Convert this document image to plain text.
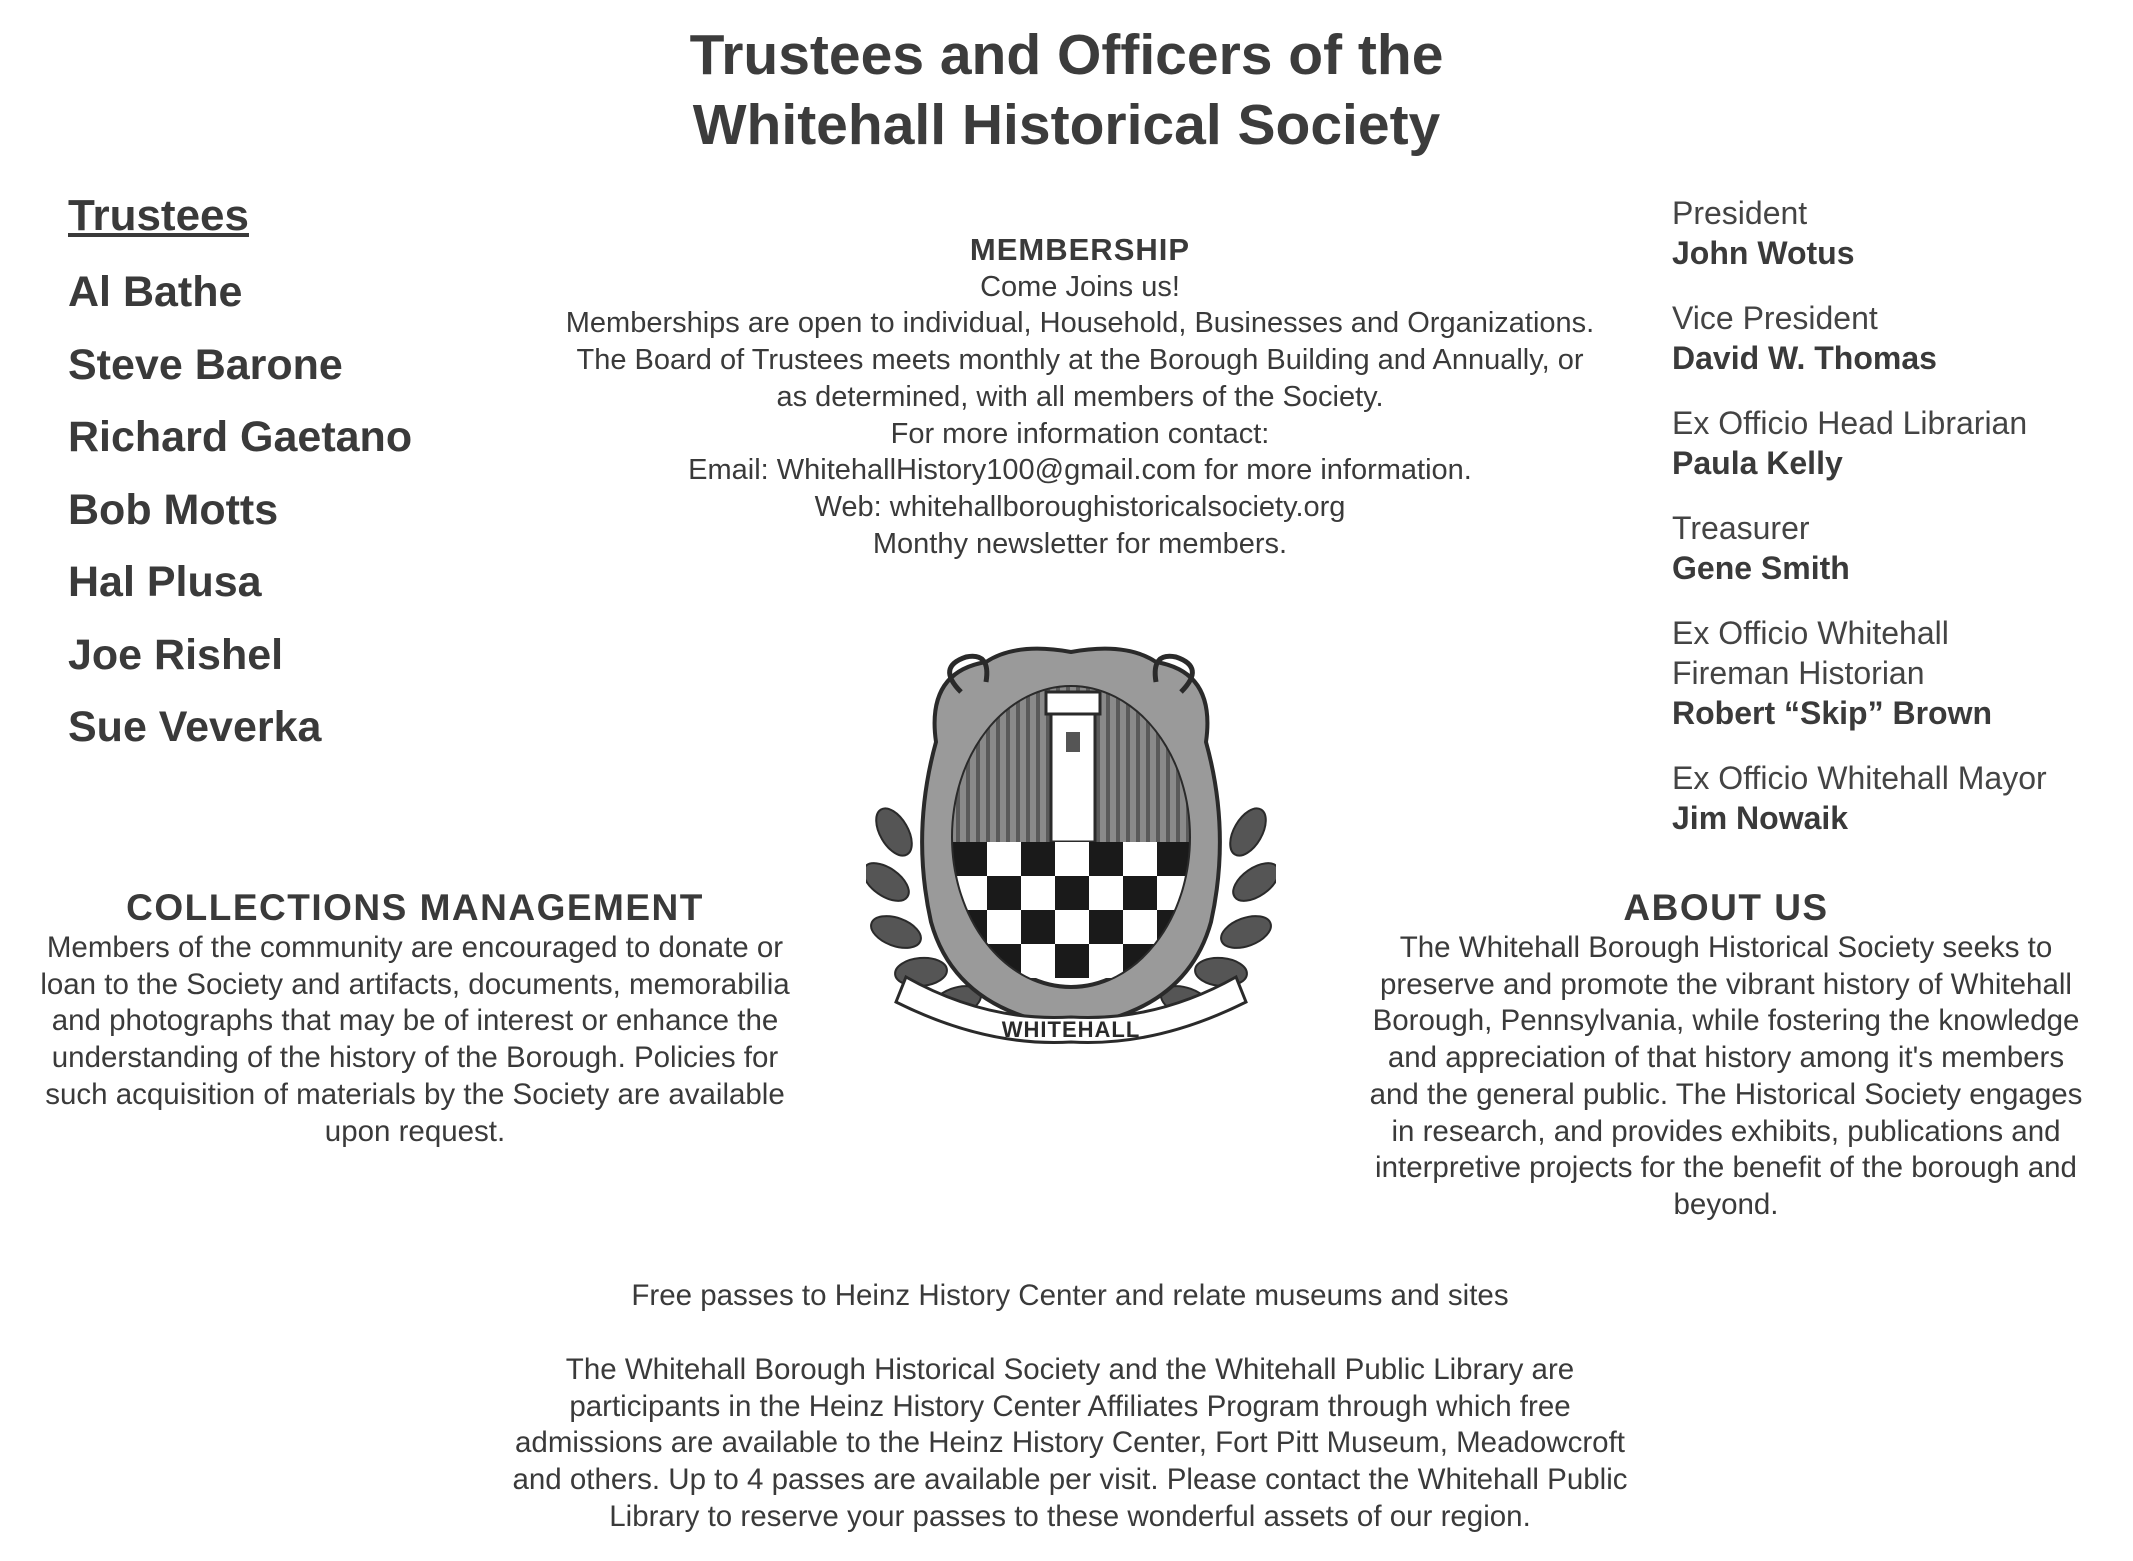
Trustees and Officers of the
Whitehall Historical Society
Trustees
Al Bathe
Steve Barone
Richard Gaetano
Bob Motts
Hal Plusa
Joe Rishel
Sue Veverka
MEMBERSHIP
Come Joins us!
Memberships are open to individual, Household, Businesses and Organizations.
The Board of Trustees meets monthly at the Borough Building and Annually, or
as determined, with all members of the Society.
For more information contact:
Email: WhitehallHistory100@gmail.com for more information.
Web: whitehallboroughistoricalsociety.org
Monthy newsletter for members.
President
John Wotus
Vice President
David W. Thomas
Ex Officio Head Librarian
Paula Kelly
Treasurer
Gene Smith
Ex Officio Whitehall
Fireman Historian
Robert “Skip” Brown
Ex Officio Whitehall Mayor
Jim Nowaik
WHITEHALL
COLLECTIONS MANAGEMENT
Members of the community are encouraged to donate or
loan to the Society and artifacts, documents, memorabilia
and photographs that may be of interest or enhance the
understanding of the history of the Borough. Policies for
such acquisition of materials by the Society are available
upon request.
ABOUT US
The Whitehall Borough Historical Society seeks to
preserve and promote the vibrant history of Whitehall
Borough, Pennsylvania, while fostering the knowledge
and appreciation of that history among it's members
and the general public. The Historical Society engages
in research, and provides exhibits, publications and
interpretive projects for the benefit of the borough and
beyond.
Free passes to Heinz History Center and relate museums and sites
The Whitehall Borough Historical Society and the Whitehall Public Library are
participants in the Heinz History Center Affiliates Program through which free
admissions are available to the Heinz History Center, Fort Pitt Museum, Meadowcroft
and others. Up to 4 passes are available per visit. Please contact the Whitehall Public
Library to reserve your passes to these wonderful assets of our region.
